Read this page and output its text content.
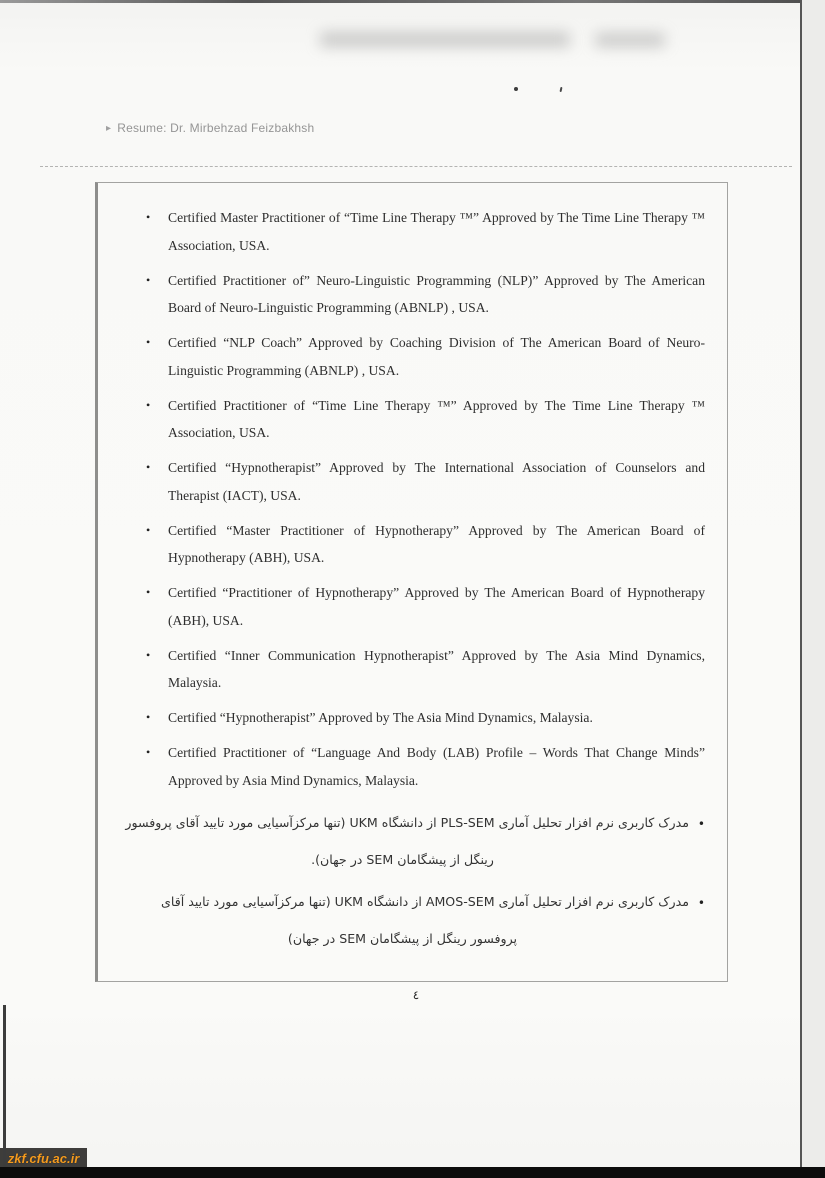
▸ Resume: Dr. Mirbehzad Feizbakhsh
• Certified Master Practitioner of “Time Line Therapy ™” Approved by The Time Line Therapy ™ Association, USA.
• Certified Practitioner of” Neuro-Linguistic Programming (NLP)” Approved by The American Board of Neuro-Linguistic Programming (ABNLP) , USA.
• Certified “NLP Coach” Approved by Coaching Division of The American Board of Neuro-Linguistic Programming (ABNLP) , USA.
• Certified Practitioner of “Time Line Therapy ™” Approved by The Time Line Therapy ™ Association, USA.
• Certified “Hypnotherapist” Approved by The International Association of Counselors and Therapist (IACT), USA.
• Certified “Master Practitioner of Hypnotherapy” Approved by The American Board of Hypnotherapy (ABH), USA.
• Certified “Practitioner of Hypnotherapy” Approved by The American Board of Hypnotherapy (ABH), USA.
• Certified “Inner Communication Hypnotherapist” Approved by The Asia Mind Dynamics, Malaysia.
• Certified “Hypnotherapist” Approved by The Asia Mind Dynamics, Malaysia.
• Certified Practitioner of “Language And Body (LAB) Profile – Words That Change Minds” Approved by Asia Mind Dynamics, Malaysia.
•
مدرک کاربری نرم افزار تحلیل آماری PLS-SEM از دانشگاه UKM (تنها مرکزآسیایی مورد تایید آقای پروفسور
رینگل از پیشگامان SEM در جهان).
•
مدرک کاربری نرم افزار تحلیل آماری AMOS-SEM از دانشگاه UKM (تنها مرکزآسیایی مورد تایید آقای
پروفسور رینگل از پیشگامان SEM در جهان)
٤
zkf.cfu.ac.ir
